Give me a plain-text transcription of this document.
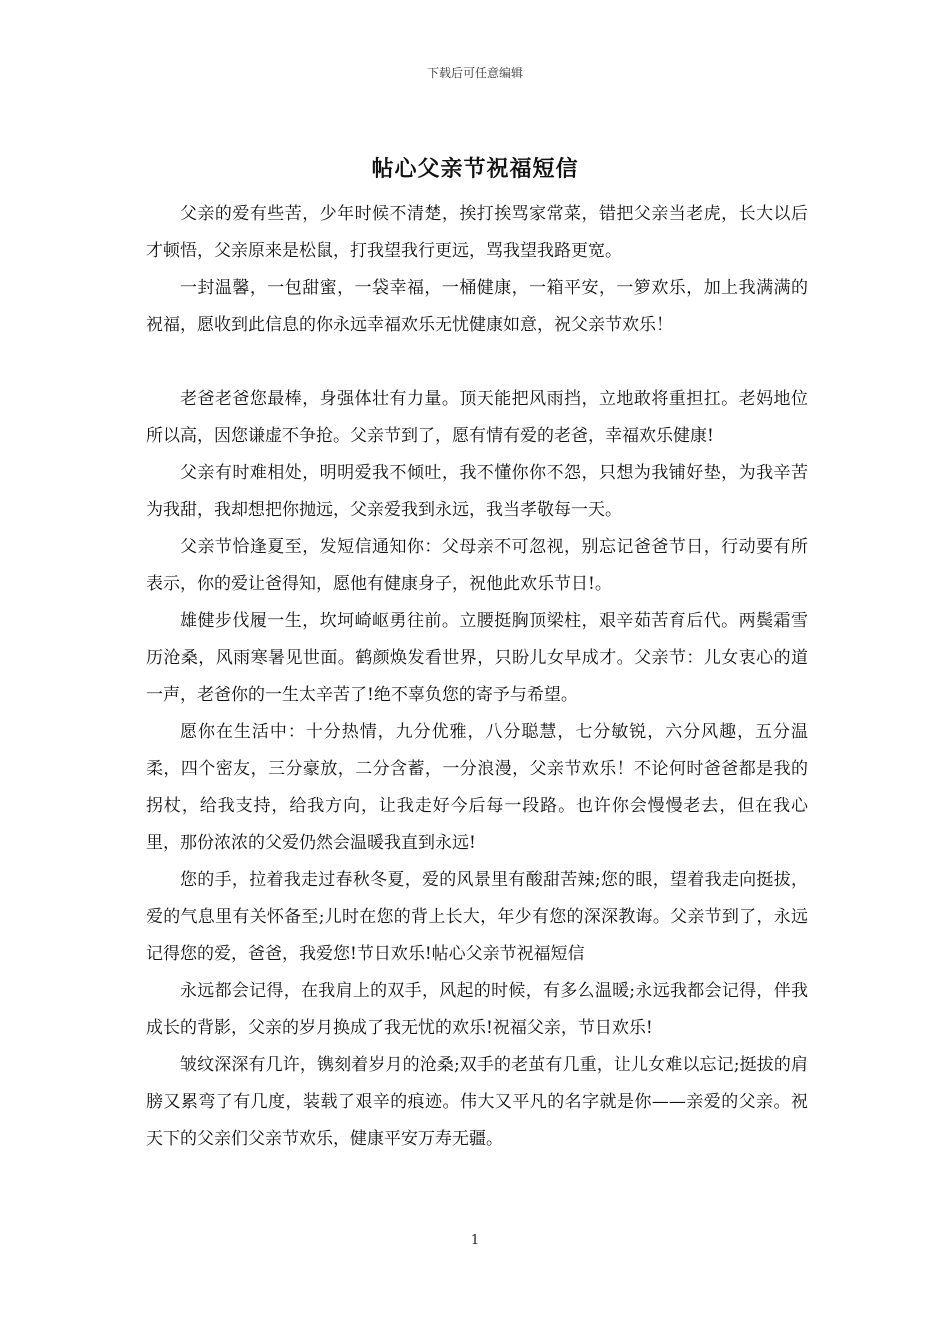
下载后可任意编辑
帖心父亲节祝福短信

父亲的爱有些苦，少年时候不清楚，挨打挨骂家常菜，错把父亲当老虎，长大以后才顿悟，父亲原来是松鼠，打我望我行更远，骂我望我路更宽。

一封温馨，一包甜蜜，一袋幸福，一桶健康，一箱平安，一箩欢乐，加上我满满的祝福，愿收到此信息的你永远幸福欢乐无忧健康如意，祝父亲节欢乐！

老爸老爸您最棒，身强体壮有力量。顶天能把风雨挡，立地敢将重担扛。老妈地位所以高，因您谦虚不争抢。父亲节到了，愿有情有爱的老爸，幸福欢乐健康!

父亲有时难相处，明明爱我不倾吐，我不懂你你不怨，只想为我铺好垫，为我辛苦为我甜，我却想把你抛远，父亲爱我到永远，我当孝敬每一天。

父亲节恰逢夏至，发短信通知你：父母亲不可忽视，别忘记爸爸节日，行动要有所表示，你的爱让爸得知，愿他有健康身子，祝他此欢乐节日!。

雄健步伐履一生，坎坷崎岖勇往前。立腰挺胸顶梁柱，艰辛茹苦育后代。两鬓霜雪历沧桑，风雨寒暑见世面。鹤颜焕发看世界，只盼儿女早成才。父亲节：儿女衷心的道一声，老爸你的一生太辛苦了!绝不辜负您的寄予与希望。

愿你在生活中：十分热情，九分优雅，八分聪慧，七分敏锐，六分风趣，五分温柔，四个密友，三分豪放，二分含蓄，一分浪漫，父亲节欢乐！不论何时爸爸都是我的拐杖，给我支持，给我方向，让我走好今后每一段路。也许你会慢慢老去，但在我心里，那份浓浓的父爱仍然会温暖我直到永远!

您的手，拉着我走过春秋冬夏，爱的风景里有酸甜苦辣;您的眼，望着我走向挺拔，爱的气息里有关怀备至;儿时在您的背上长大，年少有您的深深教诲。父亲节到了，永远记得您的爱，爸爸，我爱您!节日欢乐!帖心父亲节祝福短信

永远都会记得，在我肩上的双手，风起的时候，有多么温暖;永远我都会记得，伴我成长的背影，父亲的岁月换成了我无忧的欢乐!祝福父亲，节日欢乐!

皱纹深深有几许，镌刻着岁月的沧桑;双手的老茧有几重，让儿女难以忘记;挺拔的肩膀又累弯了有几度，装载了艰辛的痕迹。伟大又平凡的名字就是你——亲爱的父亲。祝天下的父亲们父亲节欢乐，健康平安万寿无疆。

1
